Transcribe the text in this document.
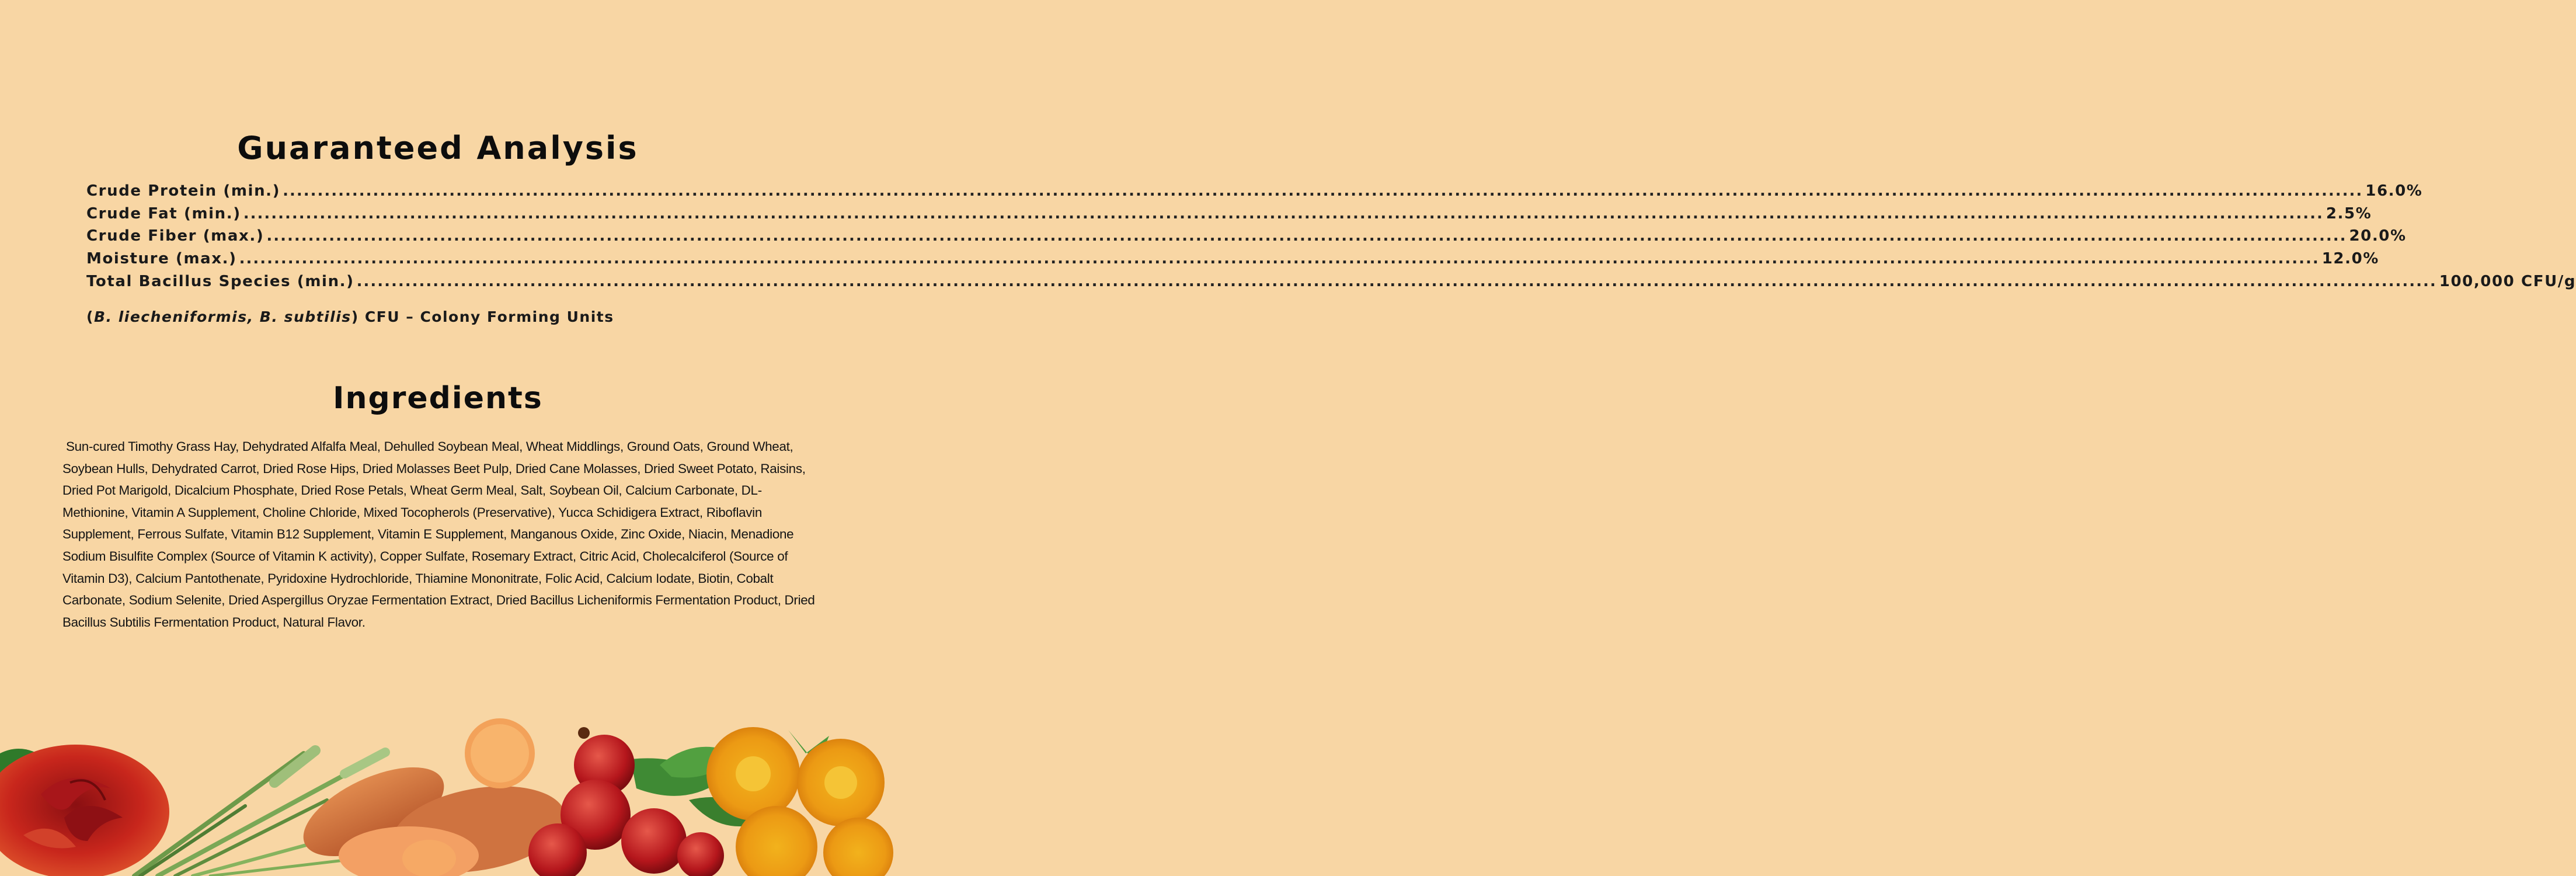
Guaranteed Analysis
Crude Protein (min.) ............................................................................................................................................................................................................................................................................................................ 16.0%
Crude Fat (min.) ............................................................................................................................................................................................................................................................................................................ 2.5%
Crude Fiber (max.) ............................................................................................................................................................................................................................................................................................................ 20.0%
Moisture (max.) ............................................................................................................................................................................................................................................................................................................ 12.0%
Total Bacillus Species (min.) ............................................................................................................................................................................................................................................................................................................ 100,000 CFU/g
(B. liecheniformis, B. subtilis) CFU – Colony Forming Units
Ingredients
Sun-cured Timothy Grass Hay, Dehydrated Alfalfa Meal, Dehulled Soybean Meal, Wheat Middlings, Ground Oats, Ground Wheat, Soybean Hulls, Dehydrated Carrot, Dried Rose Hips, Dried Molasses Beet Pulp, Dried Cane Molasses, Dried Sweet Potato, Raisins, Dried Pot Marigold, Dicalcium Phosphate, Dried Rose Petals, Wheat Germ Meal, Salt, Soybean Oil, Calcium Carbonate, DL-Methionine, Vitamin A Supplement, Choline Chloride, Mixed Tocopherols (Preservative), Yucca Schidigera Extract, Riboflavin Supplement, Ferrous Sulfate, Vitamin B12 Supplement, Vitamin E Supplement, Manganous Oxide, Zinc Oxide, Niacin, Menadione Sodium Bisulfite Complex (Source of Vitamin K activity), Copper Sulfate, Rosemary Extract, Citric Acid, Cholecalciferol (Source of Vitamin D3), Calcium Pantothenate, Pyridoxine Hydrochloride, Thiamine Mononitrate, Folic Acid, Calcium Iodate, Biotin, Cobalt Carbonate, Sodium Selenite, Dried Aspergillus Oryzae Fermentation Extract, Dried Bacillus Licheniformis Fermentation Product, Dried Bacillus Subtilis Fermentation Product, Natural Flavor.
